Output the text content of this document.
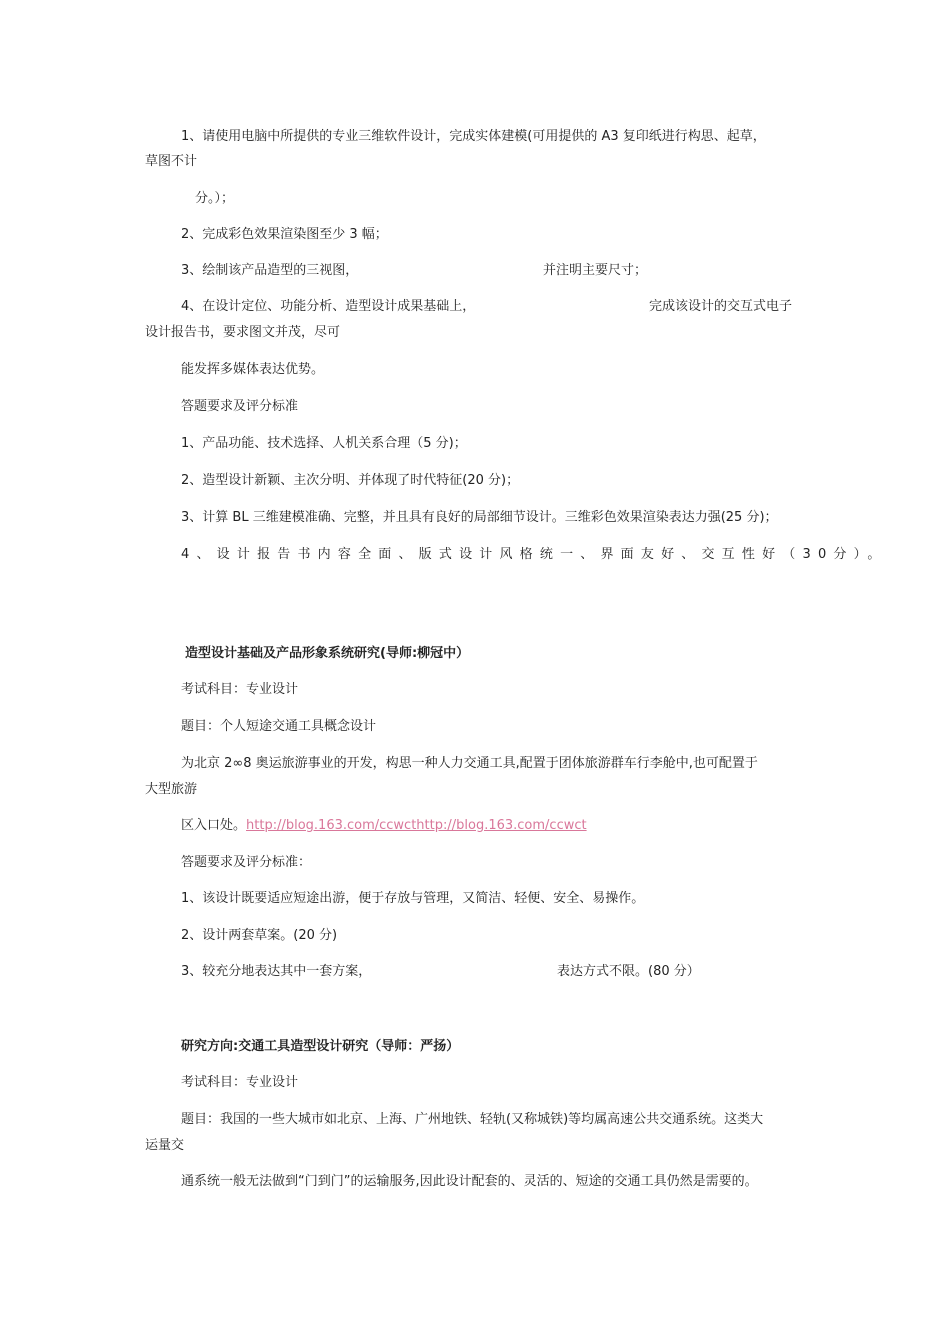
1、请使用电脑中所提供的专业三维软件设计，完成实体建模(可用提供的 A3 复印纸进行构思、起草，
草图不计
分。）；
2、完成彩色效果渲染图至少 3 幅；
3、绘制该产品造型的三视图，	并注明主要尺寸；
4、在设计定位、功能分析、造型设计成果基础上，	完成该设计的交互式电子
设计报告书，要求图文并茂，尽可
能发挥多媒体表达优势。
答题要求及评分标准
1、产品功能、技术选择、人机关系合理（5 分)；
2、造型设计新颖、主次分明、并体现了时代特征(20 分)；
3、计算 BL 三维建模准确、完整，并且具有良好的局部细节设计。三维彩色效果渲染表达力强(25 分)；
4、设计报告书内容全面、版式设计风格统一、界面友好、交互性好（30分）。
造型设计基础及产品形象系统研究(导师:柳冠中）
考试科目：专业设计
题目：个人短途交通工具概念设计
为北京 2∞8 奥运旅游事业的开发，构思一种人力交通工具,配置于团体旅游群车行李舱中,也可配置于
大型旅游
区入口处。http://blog.163.com/ccwcthttp://blog.163.com/ccwct
答题要求及评分标准：
1、该设计既要适应短途出游，便于存放与管理，又简洁、轻便、安全、易操作。
2、设计两套草案。(20 分)
3、较充分地表达其中一套方案，	表达方式不限。(80 分）
研究方向:交通工具造型设计研究（导师：严扬）
考试科目：专业设计
题目：我国的一些大城市如北京、上海、广州地铁、轻轨(又称城铁)等均属高速公共交通系统。这类大
运量交
通系统一般无法做到“门到门”的运输服务,因此设计配套的、灵活的、短途的交通工具仍然是需要的。
